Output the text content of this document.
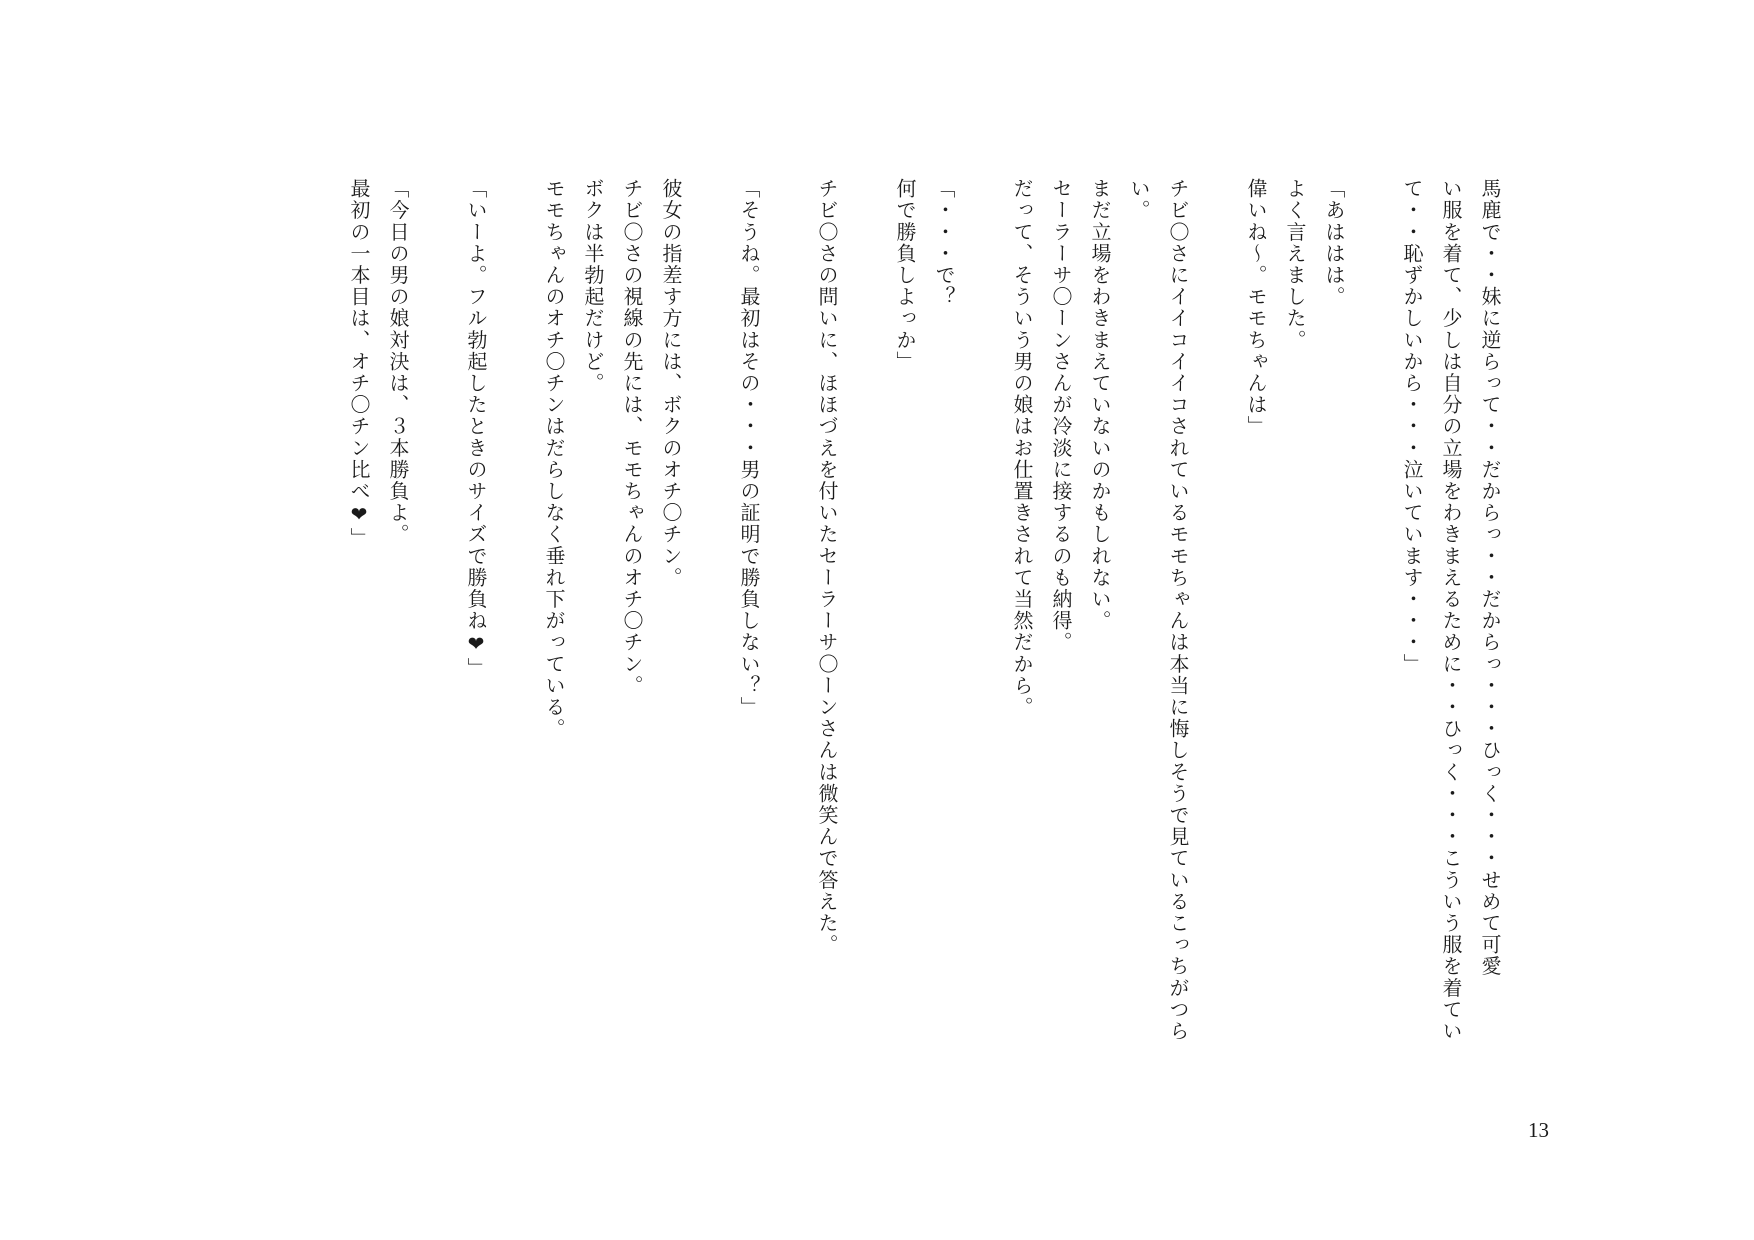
馬鹿で・・妹に逆らって・・だからっ・・だからっ・・・ひっく・・・せめて可愛
い服を着て、少しは自分の立場をわきまえるために・・ひっく・・・こういう服を着てい
て・・恥ずかしいから・・・泣いています・・・」
「あははは。
よく言えました。
偉いね〜。モモちゃんは」
チビ〇さにイイコイイコされているモモちゃんは本当に悔しそうで見ているこっちがつら
い。
まだ立場をわきまえていないのかもしれない。
セーラーサ〇ーンさんが冷淡に接するのも納得。
だって、そういう男の娘はお仕置きされて当然だから。
「・・・で？
何で勝負しよっか」
チビ〇さの問いに、ほほづえを付いたセーラーサ〇ーンさんは微笑んで答えた。
「そうね。最初はその・・・男の証明で勝負しない？」
彼女の指差す方には、ボクのオチ〇チン。
チビ〇さの視線の先には、モモちゃんのオチ〇チン。
ボクは半勃起だけど。
モモちゃんのオチ〇チンはだらしなく垂れ下がっている。
「いーよ。フル勃起したときのサイズで勝負ね❤」
「今日の男の娘対決は、３本勝負よ。
最初の一本目は、オチ〇チン比べ❤」
13
